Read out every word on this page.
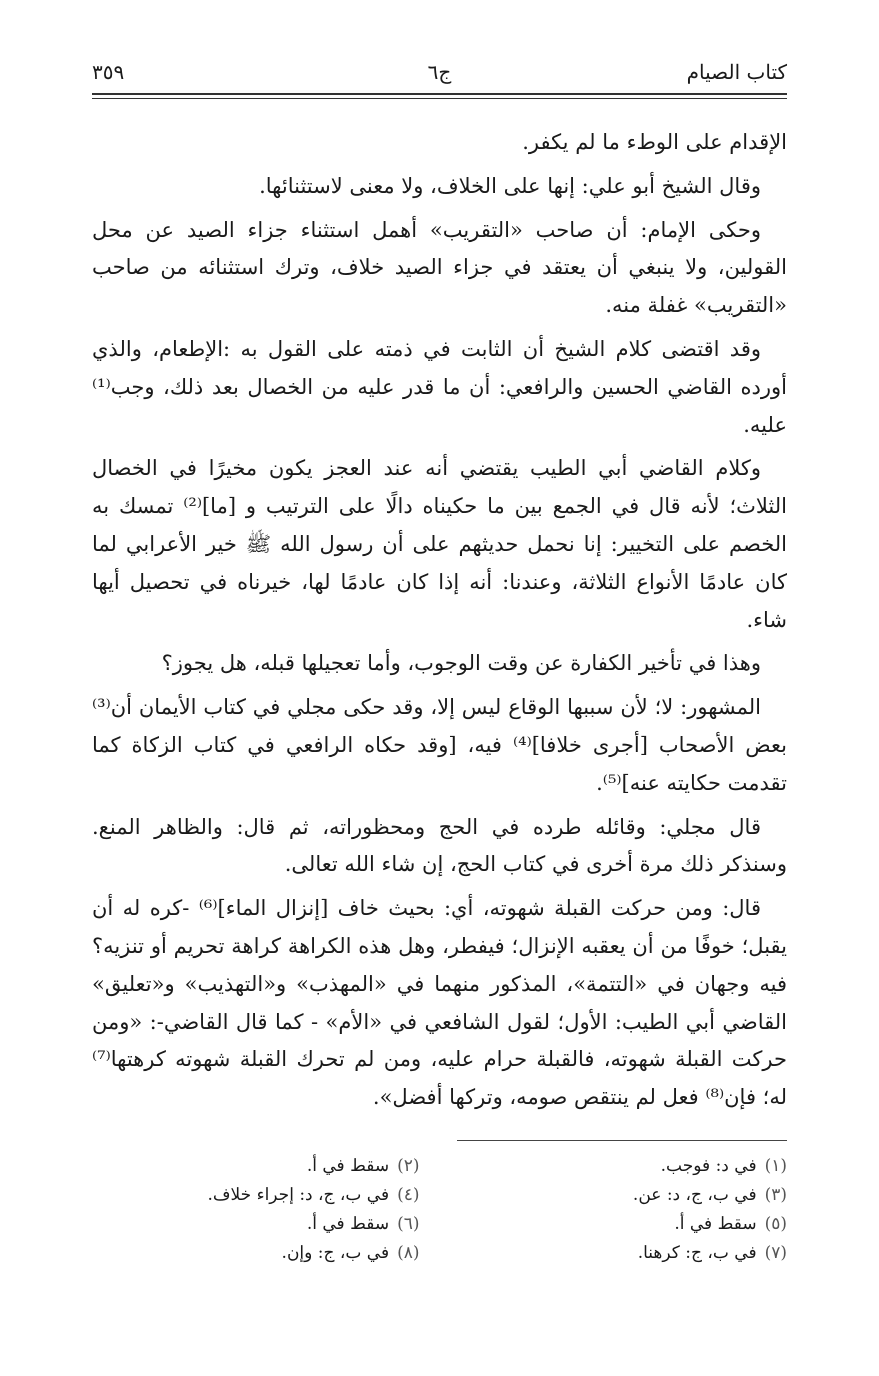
كتاب الصيام
ج٦
٣٥٩

الإقدام على الوطء ما لم يكفر.

وقال الشيخ أبو علي: إنها على الخلاف، ولا معنى لاستثنائها.

وحكى الإمام: أن صاحب «التقريب» أهمل استثناء جزاء الصيد عن محل القولين، ولا ينبغي أن يعتقد في جزاء الصيد خلاف، وترك استثنائه من صاحب «التقريب» غفلة منه.

وقد اقتضى كلام الشيخ أن الثابت في ذمته على القول به :الإطعام، والذي أورده القاضي الحسين والرافعي: أن ما قدر عليه من الخصال بعد ذلك، وجب⁽¹⁾ عليه.

وكلام القاضي أبي الطيب يقتضي أنه عند العجز يكون مخيرًا في الخصال الثلاث؛ لأنه قال في الجمع بين ما حكيناه دالًا على الترتيب و [ما]⁽²⁾ تمسك به الخصم على التخيير: إنا نحمل حديثهم على أن رسول الله ﷺ خير الأعرابي لما كان عادمًا الأنواع الثلاثة، وعندنا: أنه إذا كان عادمًا لها، خيرناه في تحصيل أيها شاء.

وهذا في تأخير الكفارة عن وقت الوجوب، وأما تعجيلها قبله، هل يجوز؟

المشهور: لا؛ لأن سببها الوقاع ليس إلا، وقد حكى مجلي في كتاب الأيمان أن⁽³⁾ بعض الأصحاب [أجرى خلافا]⁽⁴⁾ فيه، [وقد حكاه الرافعي في كتاب الزكاة كما تقدمت حكايته عنه]⁽⁵⁾.

قال مجلي: وقائله طرده في الحج ومحظوراته، ثم قال: والظاهر المنع. وسنذكر ذلك مرة أخرى في كتاب الحج، إن شاء الله تعالى.

قال: ومن حركت القبلة شهوته، أي: بحيث خاف [إنزال الماء]⁽⁶⁾ -كره له أن يقبل؛ خوفًا من أن يعقبه الإنزال؛ فيفطر، وهل هذه الكراهة كراهة تحريم أو تنزيه؟ فيه وجهان في «التتمة»، المذكور منهما في «المهذب» و«التهذيب» و«تعليق» القاضي أبي الطيب: الأول؛ لقول الشافعي في «الأم» - كما قال القاضي-: «ومن حركت القبلة شهوته، فالقبلة حرام عليه، ومن لم تحرك القبلة شهوته كرهتها⁽⁷⁾ له؛ فإن⁽⁸⁾ فعل لم ينتقص صومه، وتركها أفضل».

(١)في د: فوجب.
(٢)سقط في أ.
(٣)في ب، ج، د: عن.
(٤)في ب، ج، د: إجراء خلاف.
(٥)سقط في أ.
(٦)سقط في أ.
(٧)في ب، ج: كرهنا.
(٨)في ب، ج: وإن.
